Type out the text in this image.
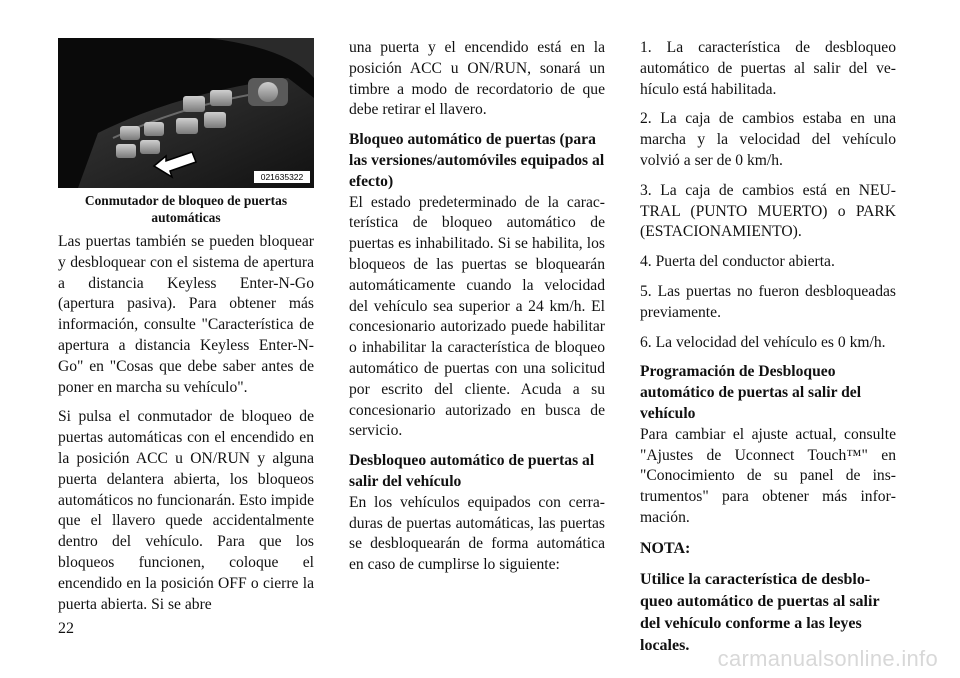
021635322
Conmutador de bloqueo de puertas automáticas

Las puertas también se pueden bloquear y desbloquear con el sistema de apertura a distancia Keyless Enter-N-Go (apertura pasiva). Para obtener más información, consulte "Característica de apertura a distancia Keyless Enter-N-Go" en "Cosas que debe saber antes de poner en marcha su vehículo".

Si pulsa el conmutador de bloqueo de puertas automáticas con el encendido en la posición ACC u ON/RUN y alguna puerta delantera abierta, los bloqueos automáticos no funcionarán. Esto impide que el llavero quede accidentalmente dentro del vehículo. Para que los bloqueos funcionen, coloque el encendido en la posición OFF o cierre la puerta abierta. Si se abre

una puerta y el encendido está en la posición ACC u ON/RUN, sonará un timbre a modo de recordatorio de que debe retirar el llavero.

Bloqueo automático de puertas (para las versiones/automóviles equipados al efecto)

El estado predeterminado de la característica de bloqueo automático de puertas es inhabilitado. Si se habilita, los bloqueos de las puertas se bloquearán automáticamente cuando la velocidad del vehículo sea superior a 24 km/h. El concesionario autorizado puede habilitar o inhabilitar la característica de bloqueo automático de puertas con una solicitud por escrito del cliente. Acuda a su concesionario autorizado en busca de servicio.

Desbloqueo automático de puertas al salir del vehículo

En los vehículos equipados con cerraduras de puertas automáticas, las puertas se desbloquearán de forma automática en caso de cumplirse lo siguiente:

1. La característica de desbloqueo automático de puertas al salir del vehículo está habilitada.

2. La caja de cambios estaba en una marcha y la velocidad del vehículo volvió a ser de 0 km/h.

3. La caja de cambios está en NEUTRAL (PUNTO MUERTO) o PARK (ESTACIONAMIENTO).

4. Puerta del conductor abierta.

5. Las puertas no fueron desbloqueadas previamente.

6. La velocidad del vehículo es 0 km/h.

Programación de Desbloqueo automático de puertas al salir del vehículo

Para cambiar el ajuste actual, consulte "Ajustes de Uconnect Touch™" en "Conocimiento de su panel de instrumentos" para obtener más información.

NOTA:

Utilice la característica de desbloqueo automático de puertas al salir del vehículo conforme a las leyes locales.

22
carmanualsonline.info
